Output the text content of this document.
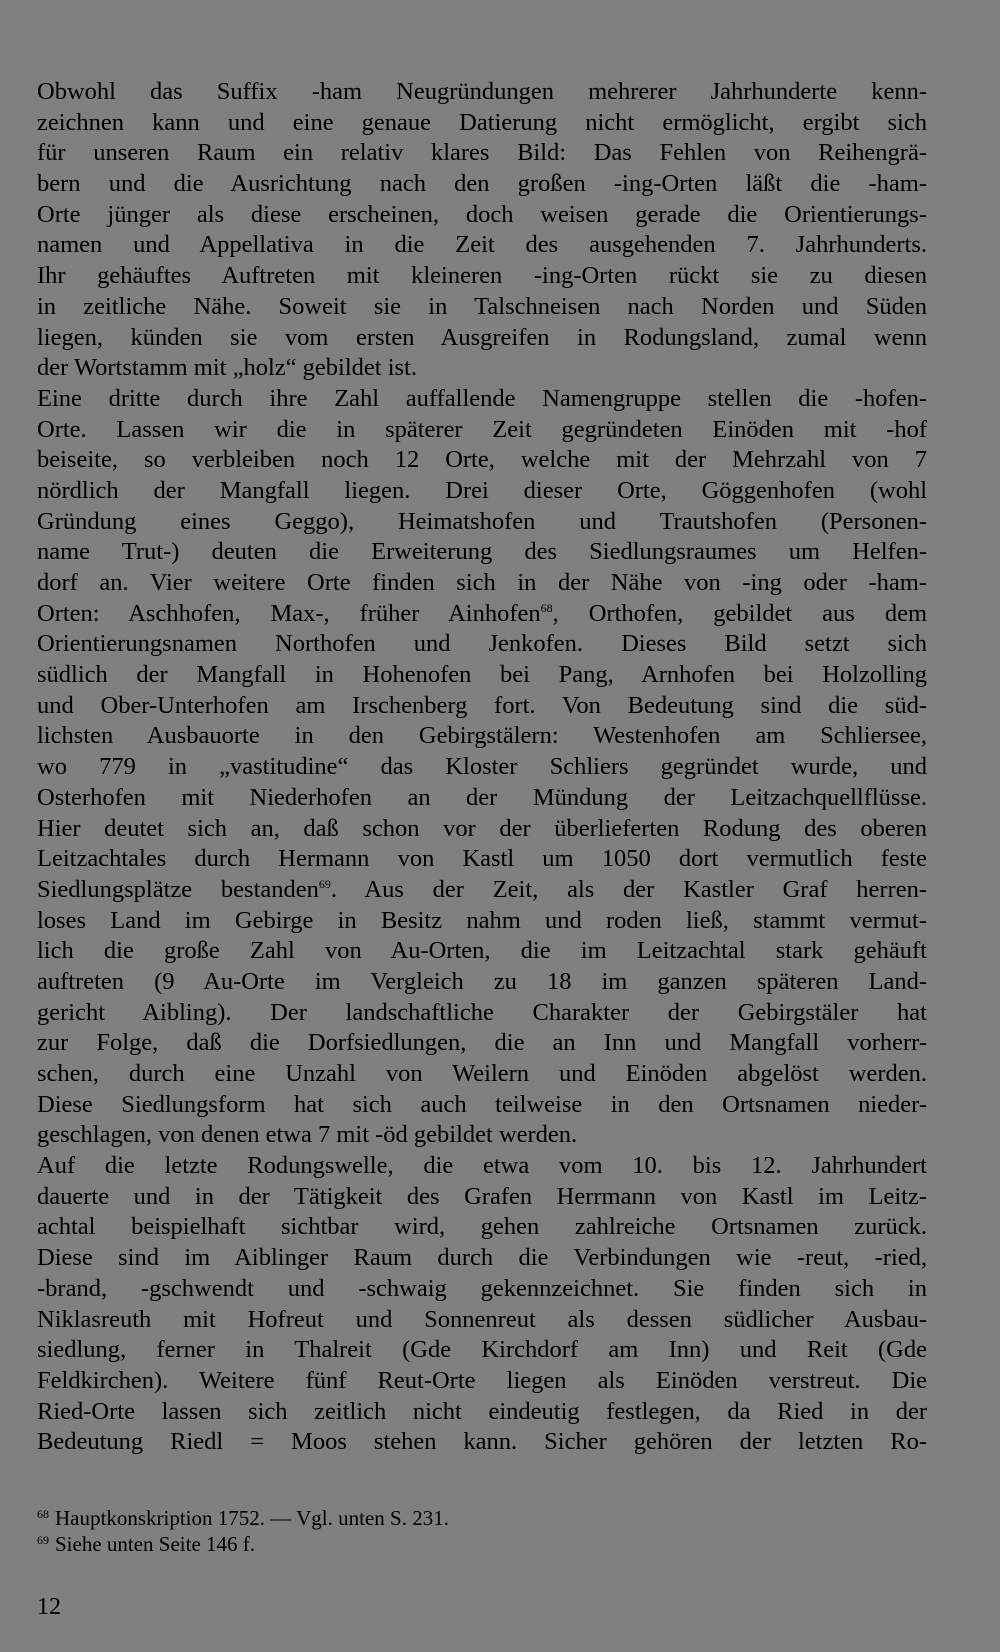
Obwohl das Suffix -ham Neugründungen mehrerer Jahrhunderte kenn-
zeichnen kann und eine genaue Datierung nicht ermöglicht, ergibt sich
für unseren Raum ein relativ klares Bild: Das Fehlen von Reihengrä-
bern und die Ausrichtung nach den großen -ing-Orten läßt die -ham-
Orte jünger als diese erscheinen, doch weisen gerade die Orientierungs-
namen und Appellativa in die Zeit des ausgehenden 7. Jahrhunderts.
Ihr gehäuftes Auftreten mit kleineren -ing-Orten rückt sie zu diesen
in zeitliche Nähe. Soweit sie in Talschneisen nach Norden und Süden
liegen, künden sie vom ersten Ausgreifen in Rodungsland, zumal wenn
der Wortstamm mit „holz“ gebildet ist.
Eine dritte durch ihre Zahl auffallende Namengruppe stellen die -hofen-
Orte. Lassen wir die in späterer Zeit gegründeten Einöden mit -hof
beiseite, so verbleiben noch 12 Orte, welche mit der Mehrzahl von 7
nördlich der Mangfall liegen. Drei dieser Orte, Göggenhofen (wohl
Gründung eines Geggo), Heimatshofen und Trautshofen (Personen-
name Trut-) deuten die Erweiterung des Siedlungsraumes um Helfen-
dorf an. Vier weitere Orte finden sich in der Nähe von -ing oder -ham-
Orten: Aschhofen, Max-, früher Ainhofen$^{68}$, Orthofen, gebildet aus dem
Orientierungsnamen Northofen und Jenkofen. Dieses Bild setzt sich
südlich der Mangfall in Hohenofen bei Pang, Arnhofen bei Holzolling
und Ober-Unterhofen am Irschenberg fort. Von Bedeutung sind die süd-
lichsten Ausbauorte in den Gebirgstälern: Westenhofen am Schliersee,
wo 779 in „vastitudine“ das Kloster Schliers gegründet wurde, und
Osterhofen mit Niederhofen an der Mündung der Leitzachquellflüsse.
Hier deutet sich an, daß schon vor der überlieferten Rodung des oberen
Leitzachtales durch Hermann von Kastl um 1050 dort vermutlich feste
Siedlungsplätze bestanden$^{69}$. Aus der Zeit, als der Kastler Graf herren-
loses Land im Gebirge in Besitz nahm und roden ließ, stammt vermut-
lich die große Zahl von Au-Orten, die im Leitzachtal stark gehäuft
auftreten (9 Au-Orte im Vergleich zu 18 im ganzen späteren Land-
gericht Aibling). Der landschaftliche Charakter der Gebirgstäler hat
zur Folge, daß die Dorfsiedlungen, die an Inn und Mangfall vorherr-
schen, durch eine Unzahl von Weilern und Einöden abgelöst werden.
Diese Siedlungsform hat sich auch teilweise in den Ortsnamen nieder-
geschlagen, von denen etwa 7 mit -öd gebildet werden.
Auf die letzte Rodungswelle, die etwa vom 10. bis 12. Jahrhundert
dauerte und in der Tätigkeit des Grafen Herrmann von Kastl im Leitz-
achtal beispielhaft sichtbar wird, gehen zahlreiche Ortsnamen zurück.
Diese sind im Aiblinger Raum durch die Verbindungen wie -reut, -ried,
-brand, -gschwendt und -schwaig gekennzeichnet. Sie finden sich in
Niklasreuth mit Hofreut und Sonnenreut als dessen südlicher Ausbau-
siedlung, ferner in Thalreit (Gde Kirchdorf am Inn) und Reit (Gde
Feldkirchen). Weitere fünf Reut-Orte liegen als Einöden verstreut. Die
Ried-Orte lassen sich zeitlich nicht eindeutig festlegen, da Ried in der
Bedeutung Riedl = Moos stehen kann. Sicher gehören der letzten Ro-
68 Hauptkonskription 1752. — Vgl. unten S. 231.
69 Siehe unten Seite 146 f.
12
